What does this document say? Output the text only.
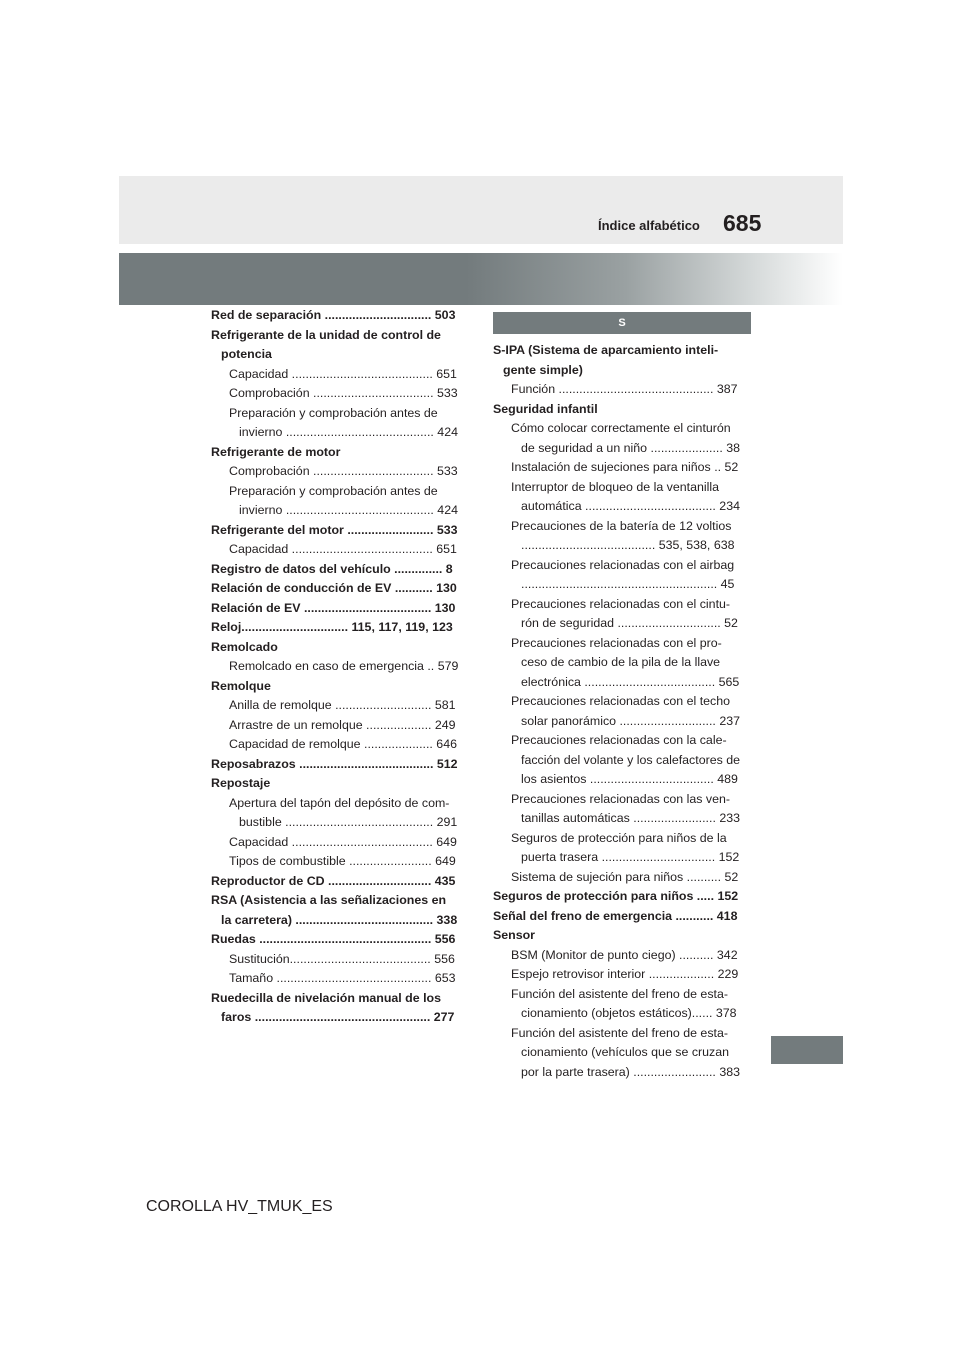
Índice alfabético 685
Red de separación ............................... 503
Refrigerante de la unidad de control de
potencia
Capacidad ......................................... 651
Comprobación ................................... 533
Preparación y comprobación antes de
invierno ........................................... 424
Refrigerante de motor
Comprobación ................................... 533
Preparación y comprobación antes de
invierno ........................................... 424
Refrigerante del motor ......................... 533
Capacidad ......................................... 651
Registro de datos del vehículo .............. 8
Relación de conducción de EV ........... 130
Relación de EV ..................................... 130
Reloj............................... 115, 117, 119, 123
Remolcado
Remolcado en caso de emergencia .. 579
Remolque
Anilla de remolque ............................ 581
Arrastre de un remolque ................... 249
Capacidad de remolque .................... 646
Reposabrazos ....................................... 512
Repostaje
Apertura del tapón del depósito de com-
bustible ........................................... 291
Capacidad ......................................... 649
Tipos de combustible ........................ 649
Reproductor de CD .............................. 435
RSA (Asistencia a las señalizaciones en
la carretera) ........................................ 338
Ruedas .................................................. 556
Sustitución......................................... 556
Tamaño ............................................. 653
Ruedecilla de nivelación manual de los
faros ................................................... 277
S
S-IPA (Sistema de aparcamiento inteli-
gente simple)
Función ............................................. 387
Seguridad infantil
Cómo colocar correctamente el cinturón
de seguridad a un niño ..................... 38
Instalación de sujeciones para niños .. 52
Interruptor de bloqueo de la ventanilla
automática ...................................... 234
Precauciones de la batería de 12 voltios
....................................... 535, 538, 638
Precauciones relacionadas con el airbag
......................................................... 45
Precauciones relacionadas con el cintu-
rón de seguridad .............................. 52
Precauciones relacionadas con el pro-
ceso de cambio de la pila de la llave
electrónica ...................................... 565
Precauciones relacionadas con el techo
solar panorámico ............................ 237
Precauciones relacionadas con la cale-
facción del volante y los calefactores de
los asientos .................................... 489
Precauciones relacionadas con las ven-
tanillas automáticas ........................ 233
Seguros de protección para niños de la
puerta trasera ................................. 152
Sistema de sujeción para niños .......... 52
Seguros de protección para niños ..... 152
Señal del freno de emergencia ........... 418
Sensor
BSM (Monitor de punto ciego) .......... 342
Espejo retrovisor interior ................... 229
Función del asistente del freno de esta-
cionamiento (objetos estáticos)...... 378
Función del asistente del freno de esta-
cionamiento (vehículos que se cruzan
por la parte trasera) ........................ 383
COROLLA HV_TMUK_ES
